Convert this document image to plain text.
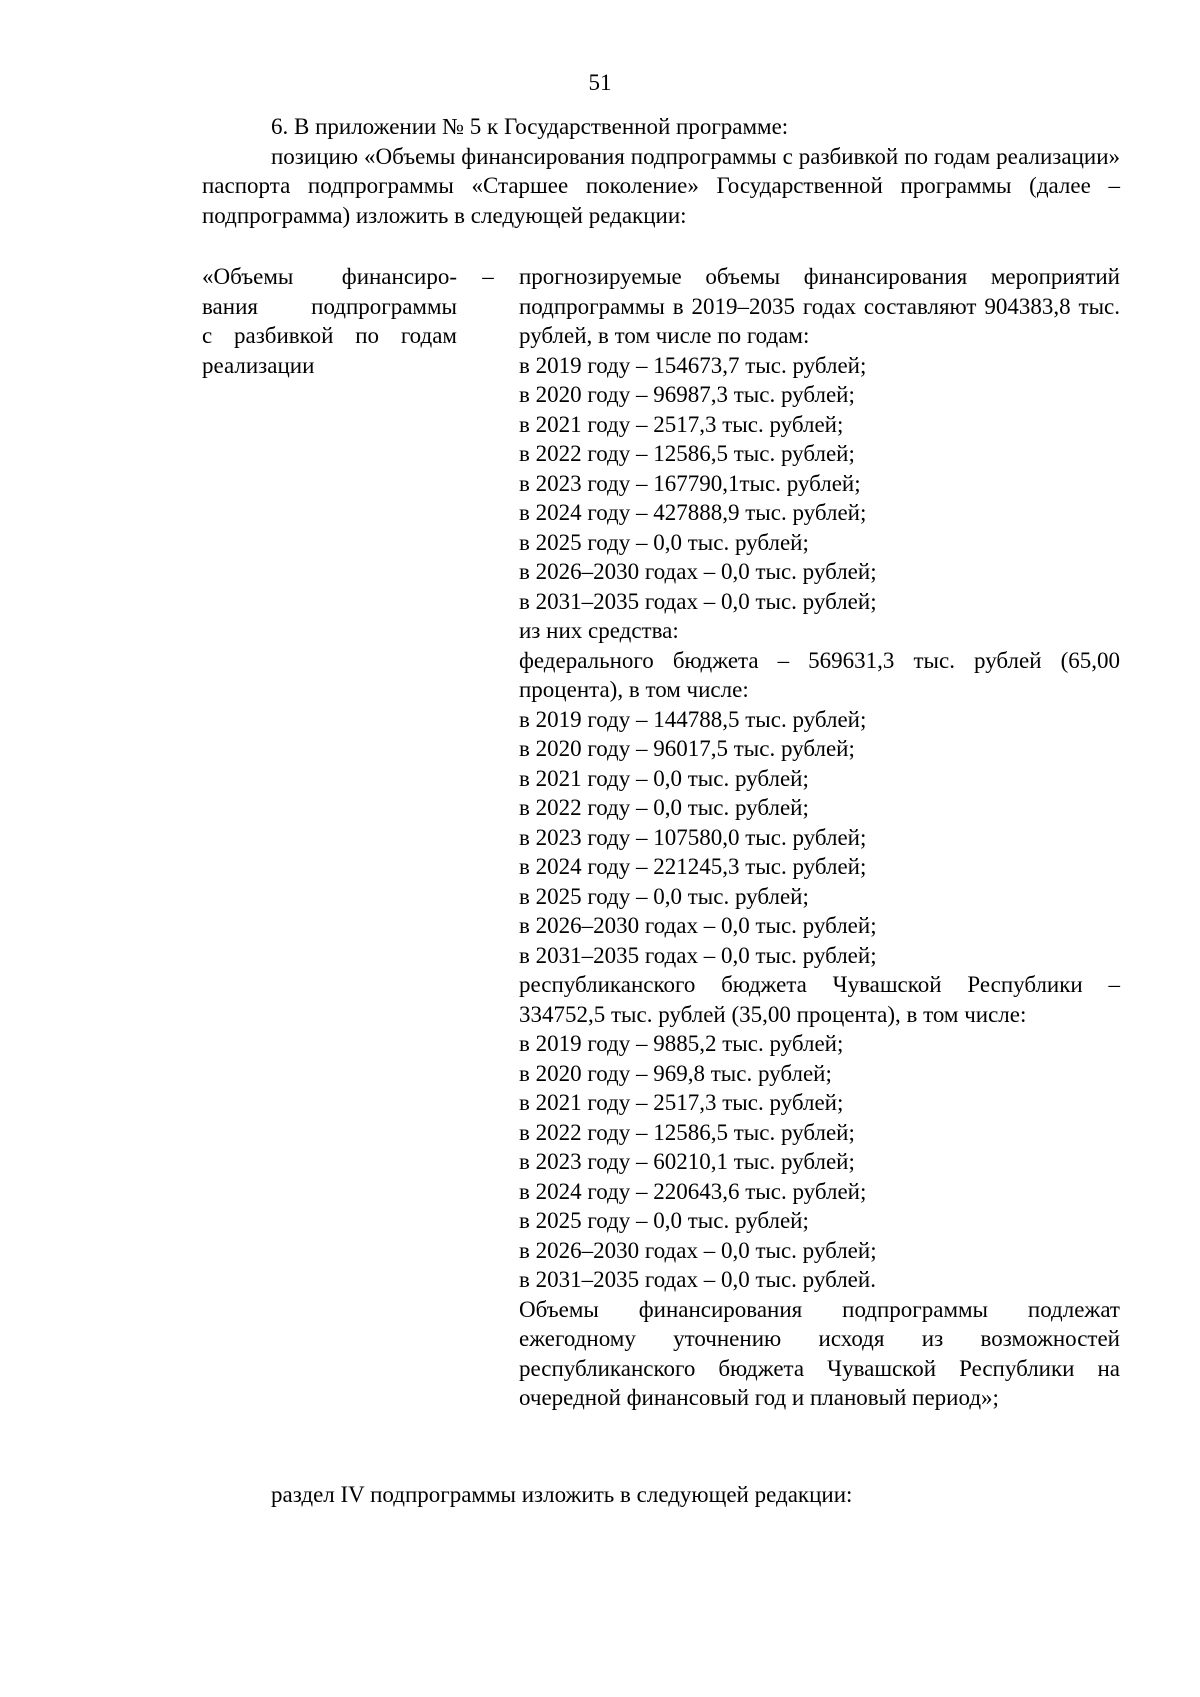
51

6. В приложении № 5 к Государственной программе:

позицию «Объемы финансирования подпрограммы с разбивкой по годам реализации» паспорта подпрограммы «Старшее поколение» Государственной программы (далее – подпрограмма) изложить в следующей редакции:

«Объемы финансиро-
вания подпрограммы
с разбивкой по годам
реализации
–	прогнозируемые объемы финансирования мероприятий подпрограммы в 2019–2035 годах составляют 904383,8 тыс. рублей, в том числе по годам:

в 2019 году – 154673,7 тыс. рублей;

в 2020 году – 96987,3 тыс. рублей;

в 2021 году – 2517,3 тыс. рублей;

в 2022 году – 12586,5 тыс. рублей;

в 2023 году – 167790,1тыс. рублей;

в 2024 году – 427888,9 тыс. рублей;

в 2025 году – 0,0 тыс. рублей;

в 2026–2030 годах – 0,0 тыс. рублей;

в 2031–2035 годах – 0,0 тыс. рублей;

из них средства:

федерального бюджета – 569631,3 тыс. рублей (65,00 процента), в том числе:

в 2019 году – 144788,5 тыс. рублей;

в 2020 году – 96017,5 тыс. рублей;

в 2021 году – 0,0 тыс. рублей;

в 2022 году – 0,0 тыс. рублей;

в 2023 году – 107580,0 тыс. рублей;

в 2024 году – 221245,3 тыс. рублей;

в 2025 году – 0,0 тыс. рублей;

в 2026–2030 годах – 0,0 тыс. рублей;

в 2031–2035 годах – 0,0 тыс. рублей;

республиканского бюджета Чувашской Республики – 334752,5 тыс. рублей (35,00 процента), в том числе:

в 2019 году – 9885,2 тыс. рублей;

в 2020 году – 969,8 тыс. рублей;

в 2021 году – 2517,3 тыс. рублей;

в 2022 году – 12586,5 тыс. рублей;

в 2023 году – 60210,1 тыс. рублей;

в 2024 году – 220643,6 тыс. рублей;

в 2025 году – 0,0 тыс. рублей;

в 2026–2030 годах – 0,0 тыс. рублей;

в 2031–2035 годах – 0,0 тыс. рублей.

Объемы финансирования подпрограммы подлежат ежегодному уточнению исходя из возможностей республиканского бюджета Чувашской Республики на очередной финансовый год и плановый период»;

раздел IV подпрограммы изложить в следующей редакции:
